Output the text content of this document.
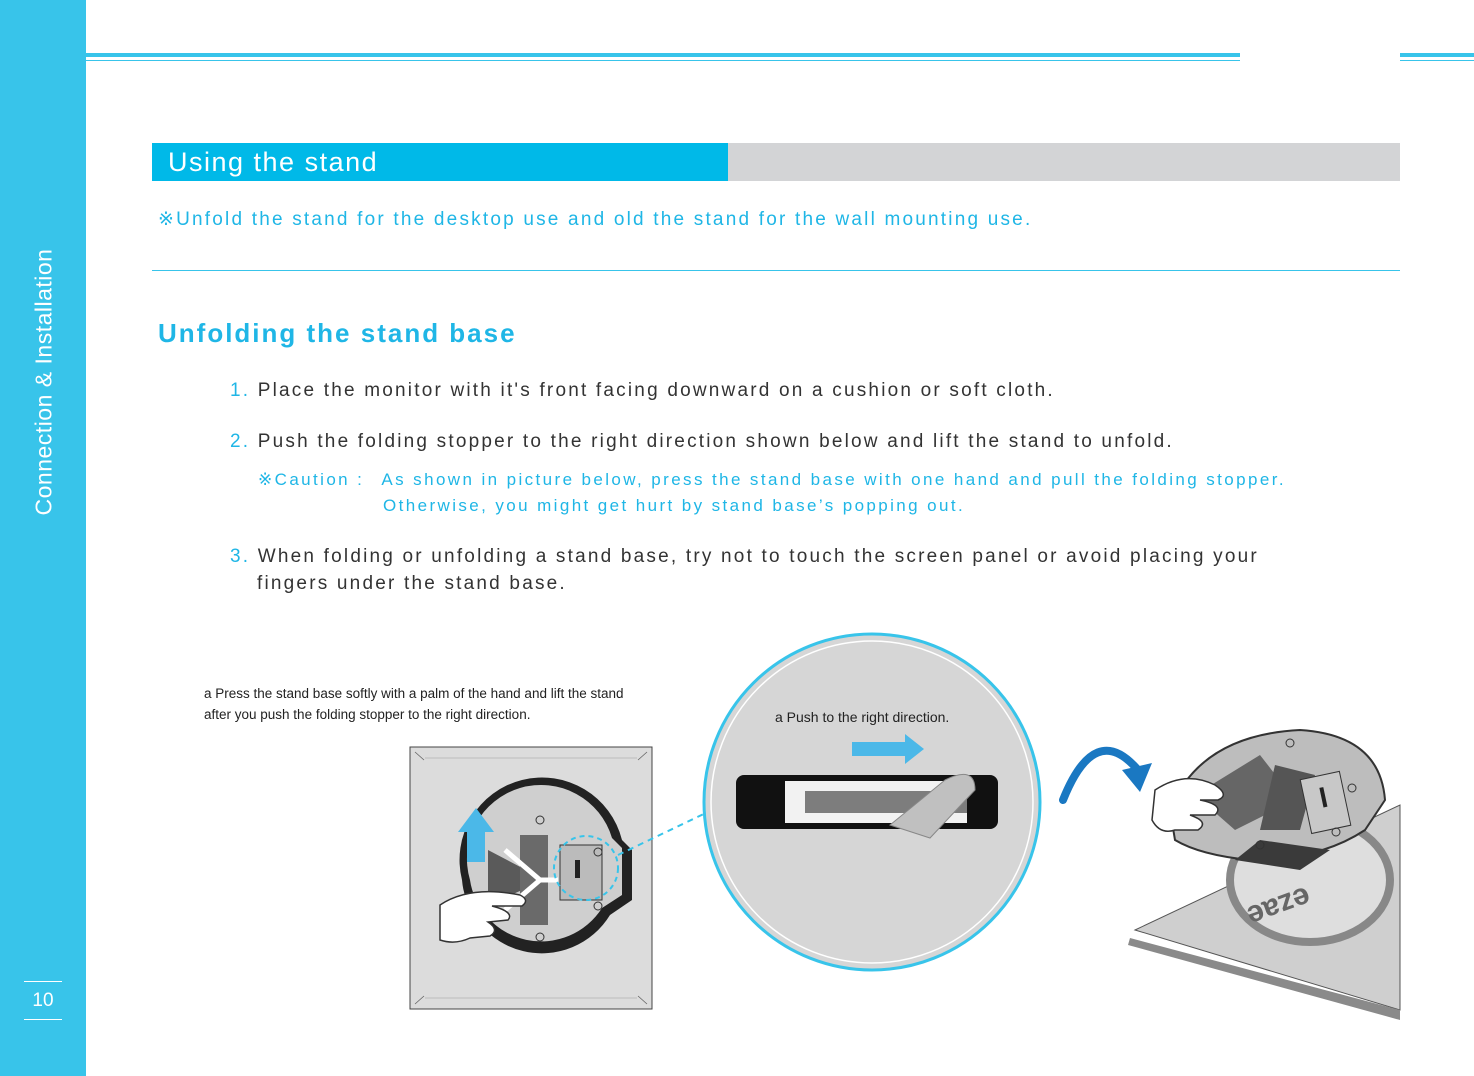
Connection & Installation
10
Using the stand
※Unfold the stand for the desktop use and old the stand for the wall mounting use.
Unfolding the stand base
1. Place the monitor with it's front facing downward on a cushion or soft cloth.
2. Push the folding stopper to the right direction shown below and lift the stand to unfold.
※Caution : As shown in picture below, press the stand base with one hand and pull the folding stopper.
Otherwise, you might get hurt by stand base’s popping out.
3. When folding or unfolding a stand base, try not to touch the screen panel or avoid placing your
fingers under the stand base.
a Press the stand base softly with a palm of the hand and lift the stand
after you push the folding stopper to the right direction.
ezae
a Push to the right direction.
